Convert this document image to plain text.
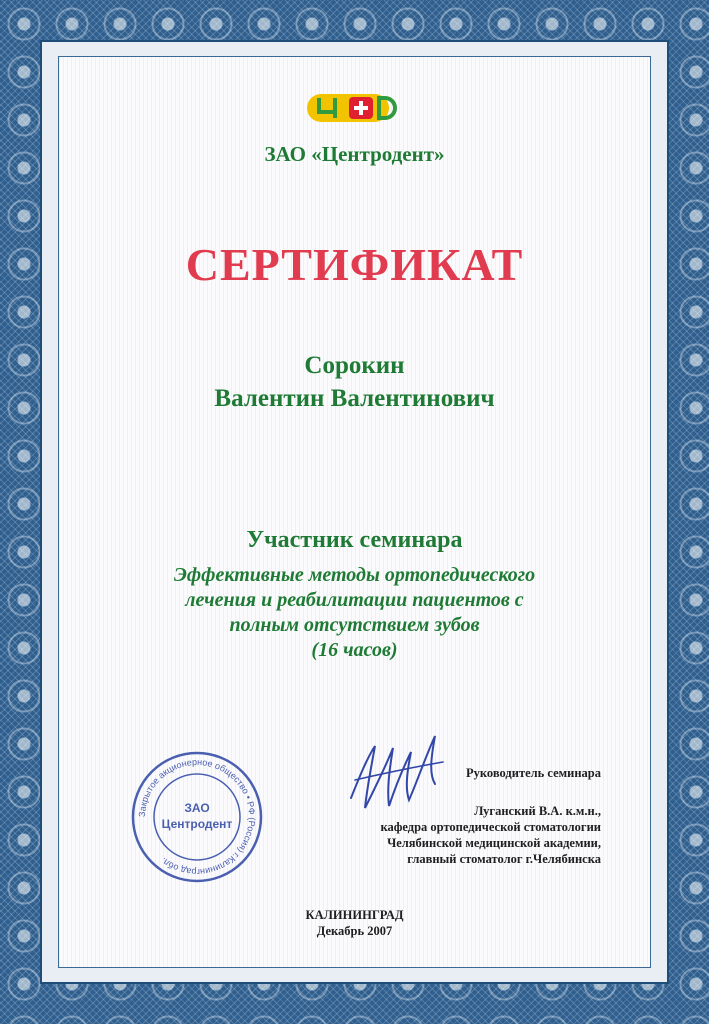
ЗАО «Центродент»
СЕРТИФИКАТ
Сорокин
Валентин Валентинович
Участник семинара
Эффективные методы ортопедического
лечения и реабилитации пациентов с
полным отсутствием зубов
(16 часов)
Закрытое акционерное общество • РФ (Россия) г.Калининград обл.
ЗАО
Центродент
Руководитель семинара
Луганский В.А. к.м.н.,
кафедра ортопедической стоматологии
Челябинской медицинской академии,
главный стоматолог г.Челябинска
КАЛИНИНГРАД
Декабрь 2007
